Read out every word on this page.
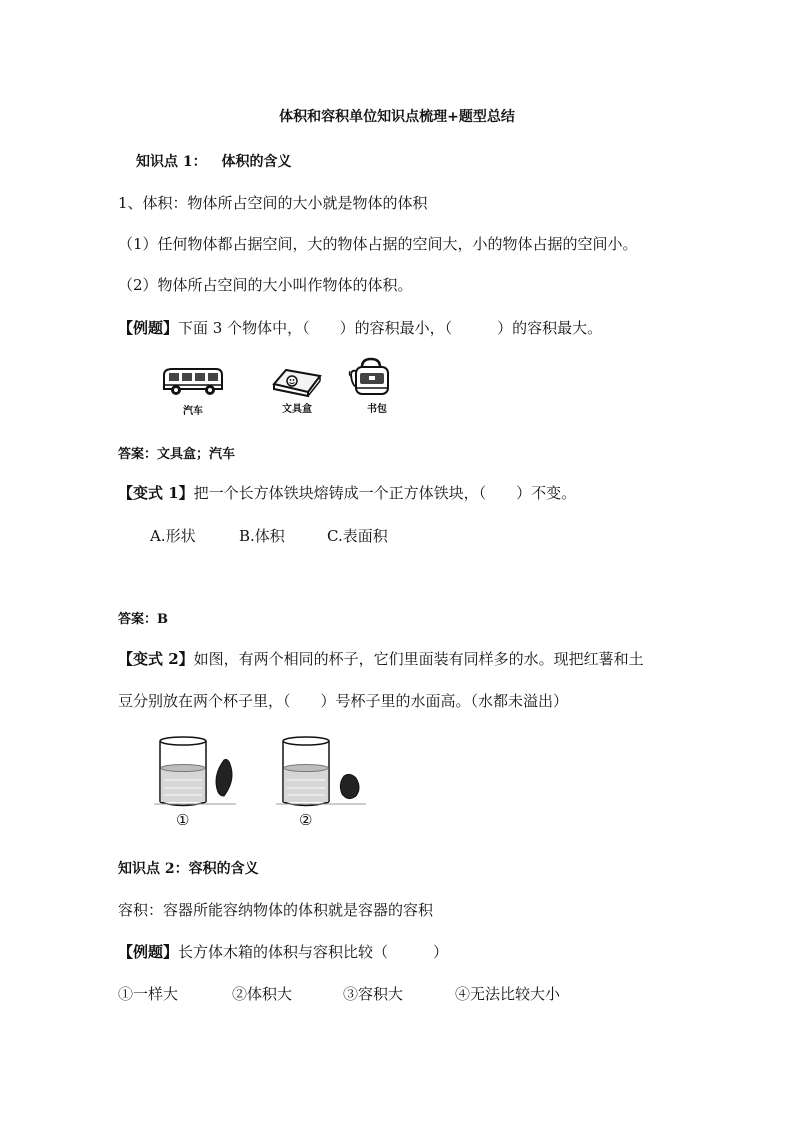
体积和容积单位知识点梳理+题型总结
知识点 1： 体积的含义
1、体积：物体所占空间的大小就是物体的体积
（1）任何物体都占据空间，大的物体占据的空间大，小的物体占据的空间小。
（2）物体所占空间的大小叫作物体的体积。
【例题】下面 3 个物体中，（　　）的容积最小，（　　　）的容积最大。
汽车	文具盒	书包
答案：文具盒；汽车
【变式 1】把一个长方体铁块熔铸成一个正方体铁块，（　　）不变。
A.形状	B.体积	C.表面积
答案：B
【变式 2】如图，有两个相同的杯子，它们里面装有同样多的水。现把红薯和土
豆分别放在两个杯子里，（　　）号杯子里的水面高。（水都未溢出）
①	②
知识点 2：容积的含义
容积：容器所能容纳物体的体积就是容器的容积
【例题】长方体木箱的体积与容积比较（　　　）
①一样大	②体积大	③容积大	④无法比较大小
